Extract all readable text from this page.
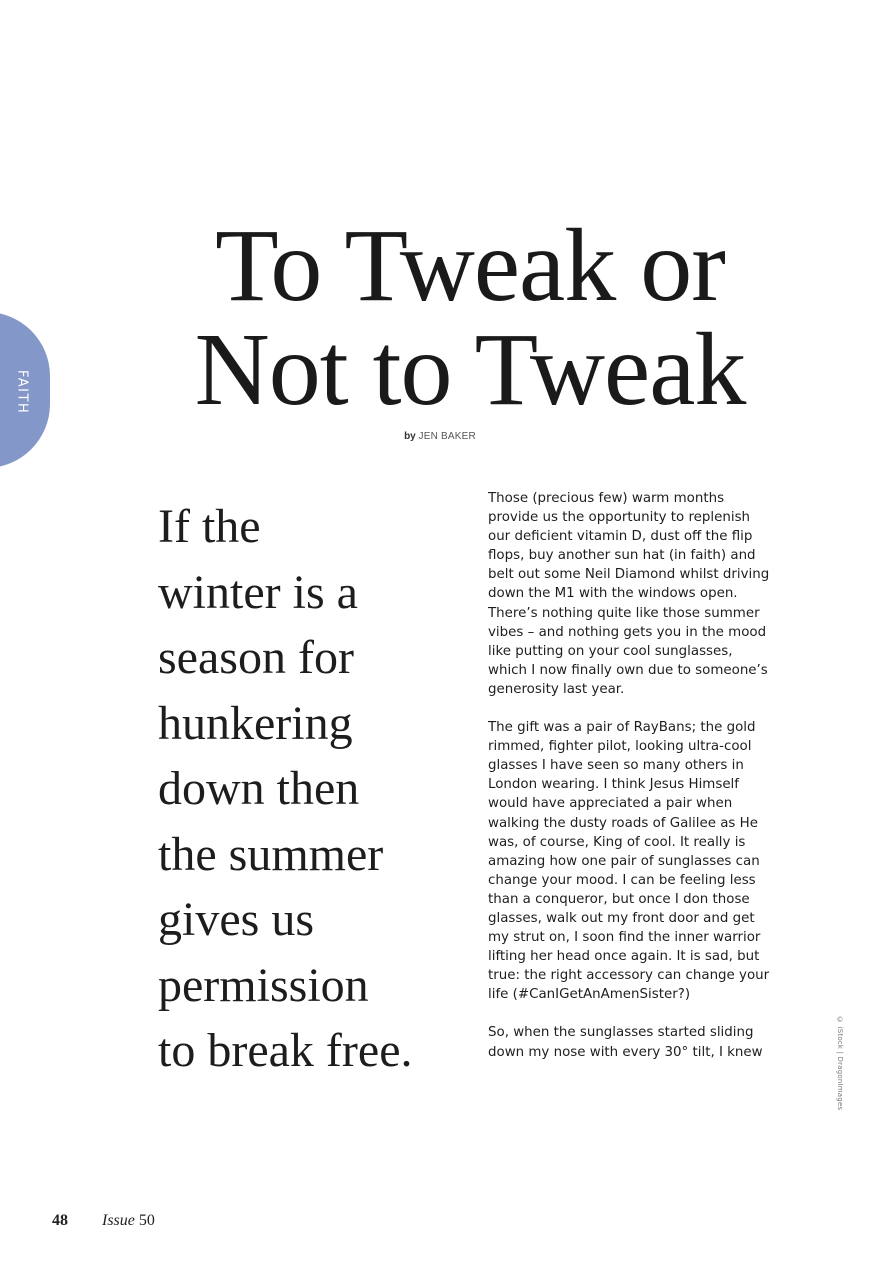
FAITH
To Tweak or
Not to Tweak
by JEN BAKER
If the
winter is a
season for
hunkering
down then
the summer
gives us
permission
to break free.
Those (precious few) warm months
provide us the opportunity to replenish
our deficient vitamin D, dust off the flip
flops, buy another sun hat (in faith) and
belt out some Neil Diamond whilst driving
down the M1 with the windows open.
There’s nothing quite like those summer
vibes – and nothing gets you in the mood
like putting on your cool sunglasses,
which I now finally own due to someone’s
generosity last year.
The gift was a pair of RayBans; the gold
rimmed, fighter pilot, looking ultra-cool
glasses I have seen so many others in
London wearing. I think Jesus Himself
would have appreciated a pair when
walking the dusty roads of Galilee as He
was, of course, King of cool. It really is
amazing how one pair of sunglasses can
change your mood. I can be feeling less
than a conqueror, but once I don those
glasses, walk out my front door and get
my strut on, I soon find the inner warrior
lifting her head once again. It is sad, but
true: the right accessory can change your
life (#CanIGetAnAmenSister?)
So, when the sunglasses started sliding
down my nose with every 30° tilt, I knew	© iStock | DragonImages
48 Issue 50
